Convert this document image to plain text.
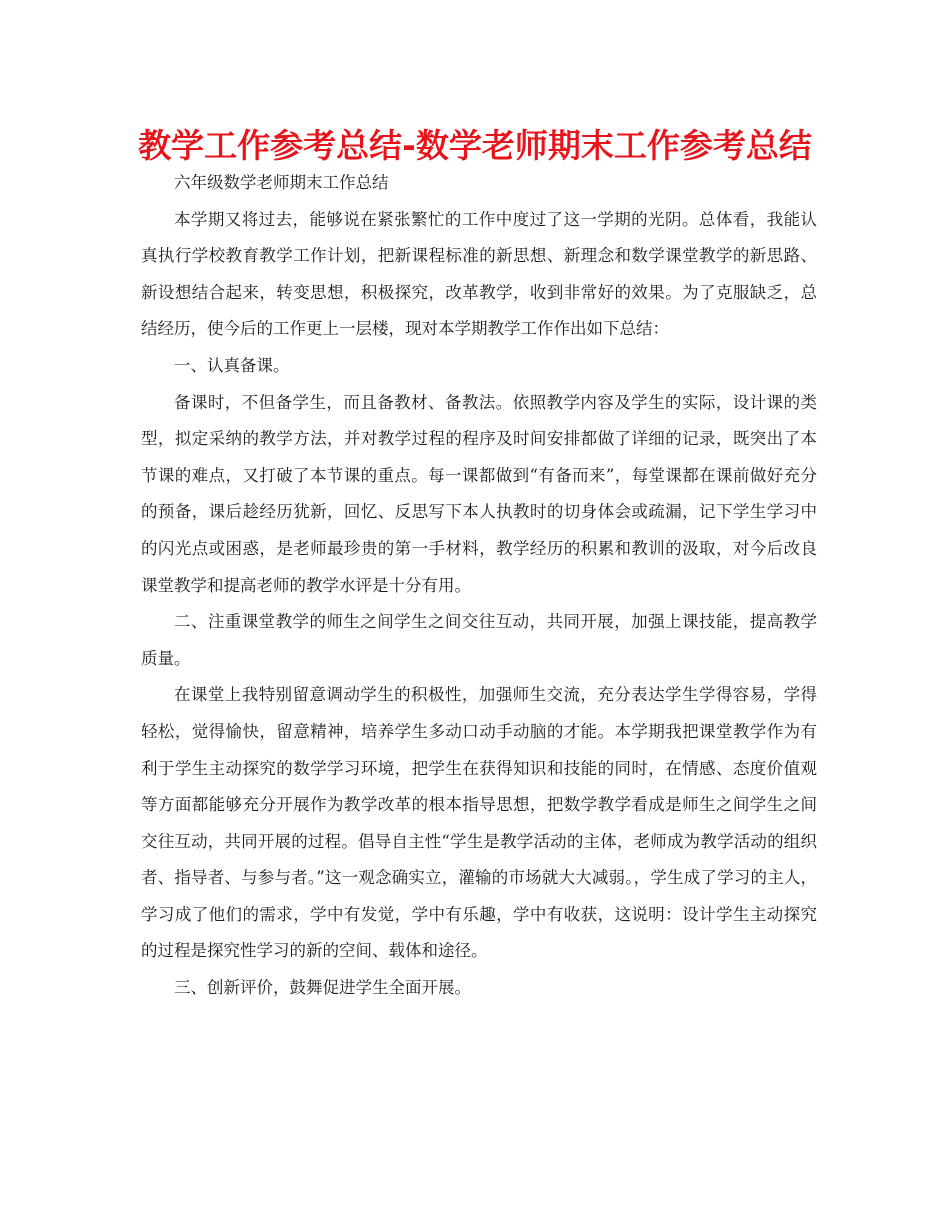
教学工作参考总结-数学老师期末工作参考总结

六年级数学老师期末工作总结

本学期又将过去，能够说在紧张繁忙的工作中度过了这一学期的光阴。总体看，我能认真执行学校教育教学工作计划，把新课程标准的新思想、新理念和数学课堂教学的新思路、新设想结合起来，转变思想，积极探究，改革教学，收到非常好的效果。为了克服缺乏，总结经历，使今后的工作更上一层楼，现对本学期教学工作作出如下总结：

一、认真备课。

备课时，不但备学生，而且备教材、备教法。依照教学内容及学生的实际，设计课的类型，拟定采纳的教学方法，并对教学过程的程序及时间安排都做了详细的记录，既突出了本节课的难点，又打破了本节课的重点。每一课都做到“有备而来”，每堂课都在课前做好充分的预备，课后趁经历犹新，回忆、反思写下本人执教时的切身体会或疏漏，记下学生学习中的闪光点或困惑，是老师最珍贵的第一手材料，教学经历的积累和教训的汲取，对今后改良课堂教学和提高老师的教学水评是十分有用。

二、注重课堂教学的师生之间学生之间交往互动，共同开展，加强上课技能，提高教学质量。

在课堂上我特别留意调动学生的积极性，加强师生交流，充分表达学生学得容易，学得轻松，觉得愉快，留意精神，培养学生多动口动手动脑的才能。本学期我把课堂教学作为有利于学生主动探究的数学学习环境，把学生在获得知识和技能的同时，在情感、态度价值观等方面都能够充分开展作为教学改革的根本指导思想，把数学教学看成是师生之间学生之间交往互动，共同开展的过程。倡导自主性“学生是教学活动的主体，老师成为教学活动的组织者、指导者、与参与者。”这一观念确实立，灌输的市场就大大减弱。，学生成了学习的主人，学习成了他们的需求，学中有发觉，学中有乐趣，学中有收获，这说明：设计学生主动探究的过程是探究性学习的新的空间、载体和途径。

三、创新评价，鼓舞促进学生全面开展。
